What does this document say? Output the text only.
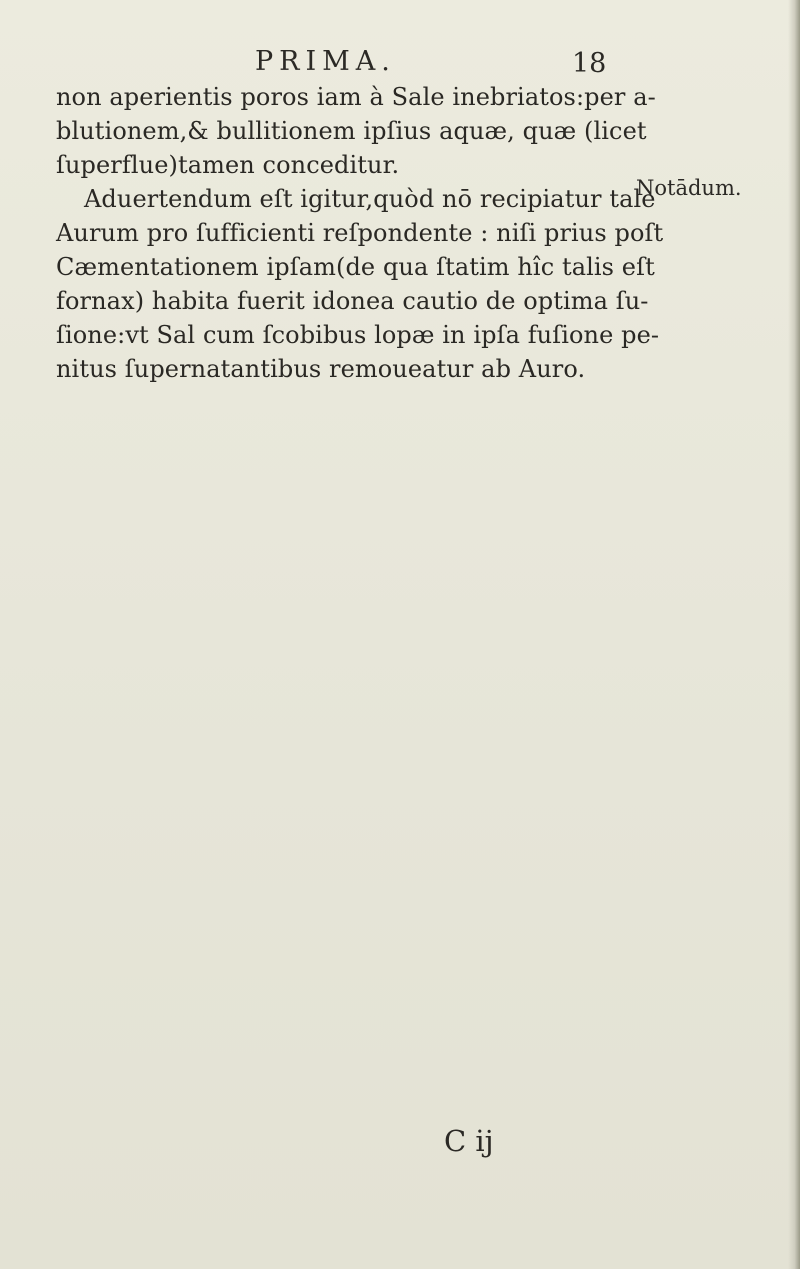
PRIMA.	18
non aperientis poros iam à Sale inebriatos:per a-
blutionem,& bullitionem ipſius aquæ, quæ (licet
ſuperflue)tamen conceditur.
Aduertendum eſt igitur,quòd nō recipiatur tale
Aurum pro ſufficienti reſpondente : niſi prius poſt
Cæmentationem ipſam(de qua ſtatim hîc talis eſt
fornax) habita fuerit idonea cautio de optima ſu-
ſione:vt Sal cum ſcobibus lopæ in ipſa fuſione pe-
nitus ſupernatantibus remoueatur ab Auro.
Notādum.
C ij
